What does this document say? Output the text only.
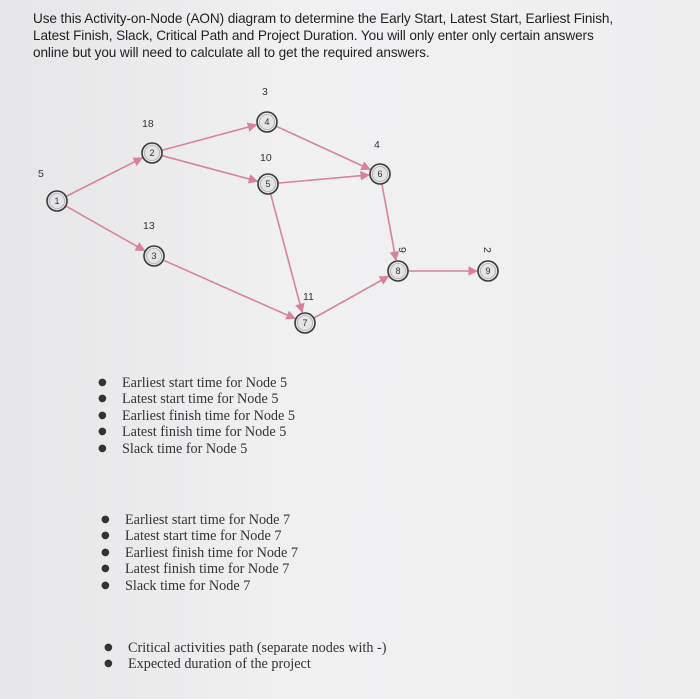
Use this Activity-on-Node (AON) diagram to determine the Early Start, Latest Start, Earliest Finish,
Latest Finish, Slack, Critical Path and Project Duration. You will only enter only certain answers
online but you will need to calculate all to get the required answers.
1
5
2
18
3
13
4
3
5
10
6
4
7
11
8
9
9
2
● Earliest start time for Node 5
● Latest start time for Node 5
● Earliest finish time for Node 5
● Latest finish time for Node 5
● Slack time for Node 5
● Earliest start time for Node 7
● Latest start time for Node 7
● Earliest finish time for Node 7
● Latest finish time for Node 7
● Slack time for Node 7
● Critical activities path (separate nodes with -)
● Expected duration of the project
